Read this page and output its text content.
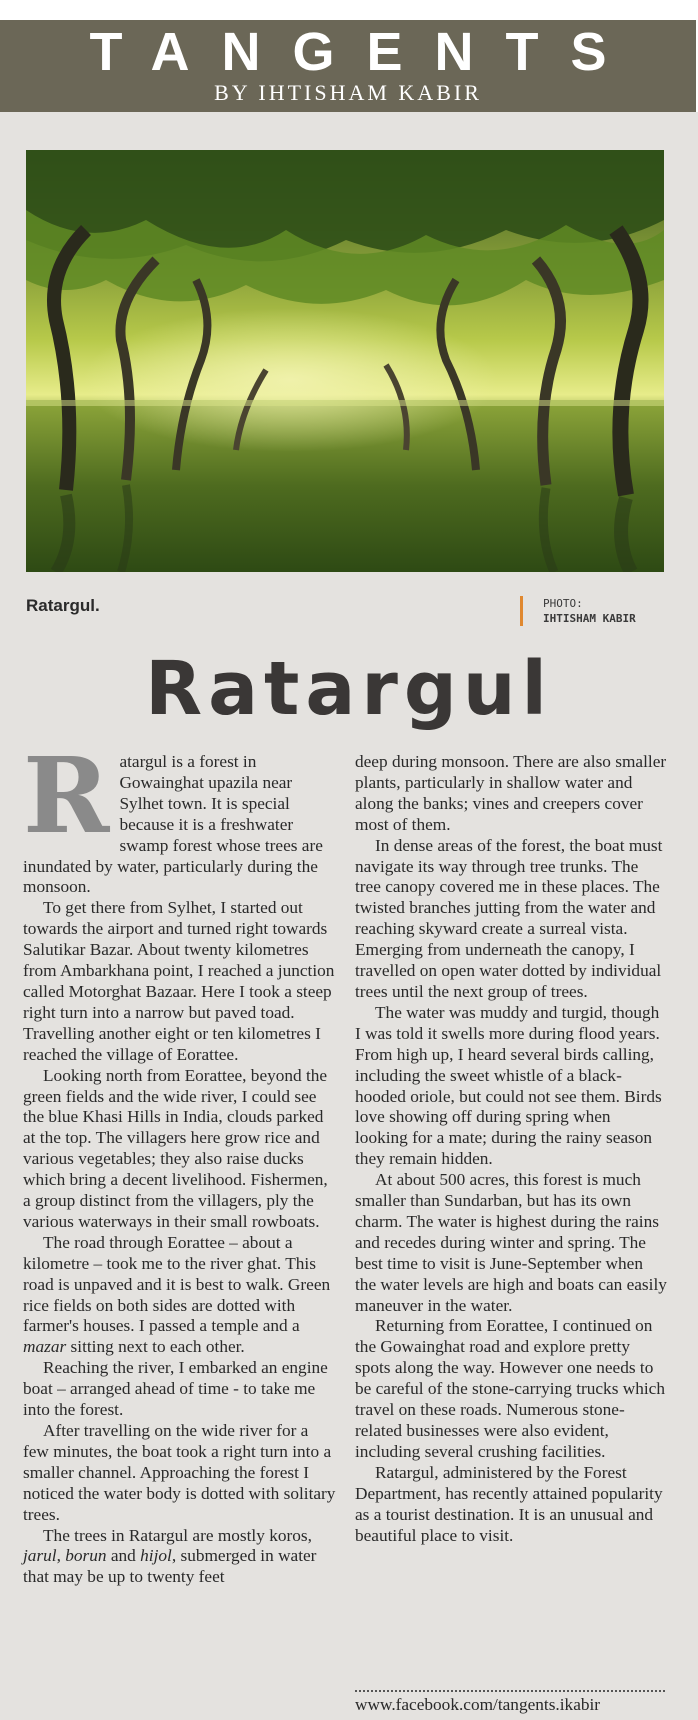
TANGENTS
BY IHTISHAM KABIR
Ratargul.	PHOTO:
IHTISHAM KABIR
Ratargul

Ratargul is a forest in Gowainghat upazila near Sylhet town. It is special because it is a freshwater swamp forest whose trees are inundated by water, particularly during the monsoon.

To get there from Sylhet, I started out towards the airport and turned right towards Salutikar Bazar. About twenty kilometres from Ambarkhana point, I reached a junction called Motorghat Bazaar. Here I took a steep right turn into a narrow but paved toad. Travelling another eight or ten kilometres I reached the village of Eorattee.

Looking north from Eorattee, beyond the green fields and the wide river, I could see the blue Khasi Hills in India, clouds parked at the top. The villagers here grow rice and various vegetables; they also raise ducks which bring a decent livelihood. Fishermen, a group distinct from the villagers, ply the various waterways in their small rowboats.

The road through Eorattee – about a kilometre – took me to the river ghat. This road is unpaved and it is best to walk. Green rice fields on both sides are dotted with farmer's houses. I passed a temple and a mazar sitting next to each other.

Reaching the river, I embarked an engine boat – arranged ahead of time - to take me into the forest.

After travelling on the wide river for a few minutes, the boat took a right turn into a smaller channel. Approaching the forest I noticed the water body is dotted with solitary trees.

The trees in Ratargul are mostly koros, jarul, borun and hijol, submerged in water that may be up to twenty feet

deep during monsoon. There are also smaller plants, particularly in shallow water and along the banks; vines and creepers cover most of them.

In dense areas of the forest, the boat must navigate its way through tree trunks. The tree canopy covered me in these places. The twisted branches jutting from the water and reaching skyward create a surreal vista. Emerging from underneath the canopy, I travelled on open water dotted by individual trees until the next group of trees.

The water was muddy and turgid, though I was told it swells more during flood years. From high up, I heard several birds calling, including the sweet whistle of a black-hooded oriole, but could not see them. Birds love showing off during spring when looking for a mate; during the rainy season they remain hidden.

At about 500 acres, this forest is much smaller than Sundarban, but has its own charm. The water is highest during the rains and recedes during winter and spring. The best time to visit is June-September when the water levels are high and boats can easily maneuver in the water.

Returning from Eorattee, I continued on the Gowainghat road and explore pretty spots along the way. However one needs to be careful of the stone-carrying trucks which travel on these roads. Numerous stone-related businesses were also evident, including several crushing facilities.

Ratargul, administered by the Forest Department, has recently attained popularity as a tourist destination. It is an unusual and beautiful place to visit.

www.facebook.com/tangents.ikabir
